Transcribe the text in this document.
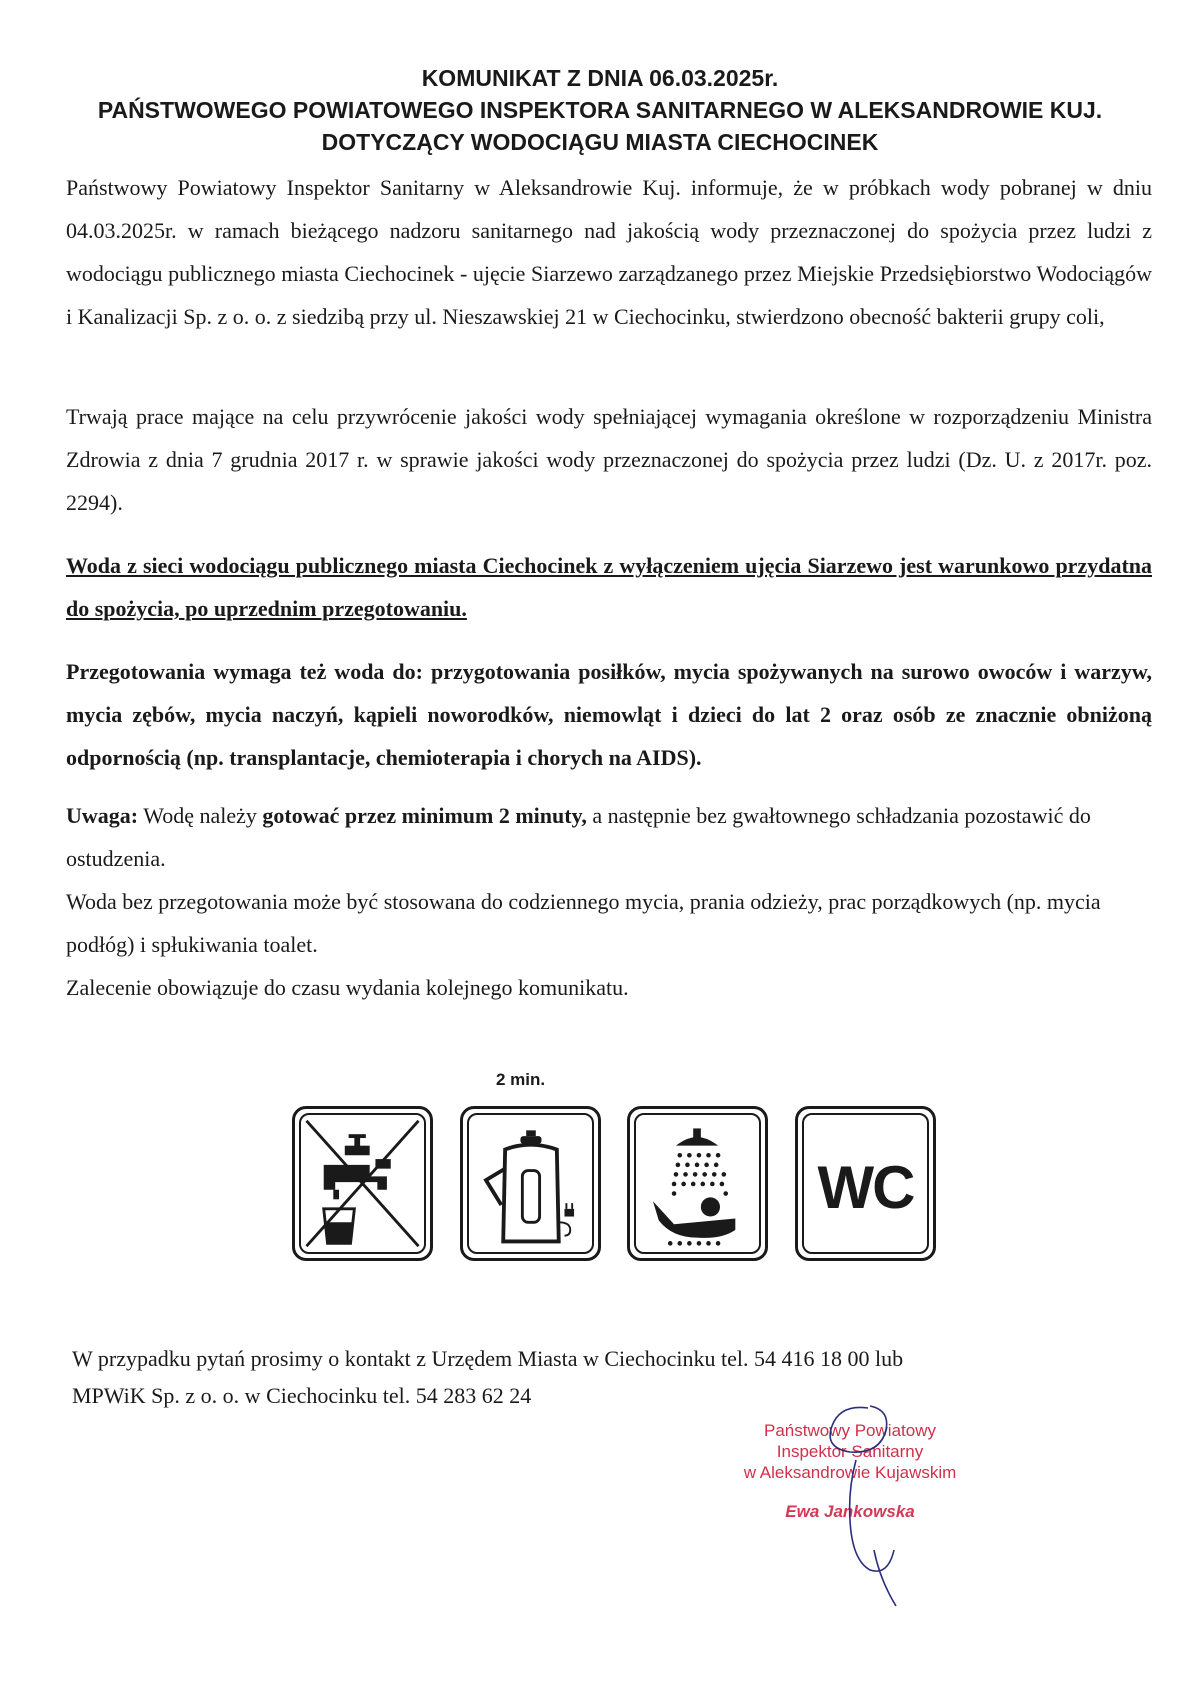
KOMUNIKAT Z DNIA 06.03.2025r.
PAŃSTWOWEGO POWIATOWEGO INSPEKTORA SANITARNEGO W ALEKSANDROWIE KUJ.
DOTYCZĄCY WODOCIĄGU MIASTA CIECHOCINEK
Państwowy Powiatowy Inspektor Sanitarny w Aleksandrowie Kuj. informuje, że w próbkach wody pobranej w dniu 04.03.2025r. w ramach bieżącego nadzoru sanitarnego nad jakością wody przeznaczonej do spożycia przez ludzi z wodociągu publicznego miasta Ciechocinek - ujęcie Siarzewo zarządzanego przez Miejskie Przedsiębiorstwo Wodociągów i Kanalizacji Sp. z o. o. z siedzibą przy ul. Nieszawskiej 21 w Ciechocinku, stwierdzono obecność bakterii grupy coli,
Trwają prace mające na celu przywrócenie jakości wody spełniającej wymagania określone w rozporządzeniu Ministra Zdrowia z dnia 7 grudnia 2017 r. w sprawie jakości wody przeznaczonej do spożycia przez ludzi (Dz. U. z 2017r. poz. 2294).
Woda z sieci wodociągu publicznego miasta Ciechocinek z wyłączeniem ujęcia Siarzewo jest warunkowo przydatna do spożycia, po uprzednim przegotowaniu.
Przegotowania wymaga też woda do: przygotowania posiłków, mycia spożywanych na surowo owoców i warzyw, mycia zębów, mycia naczyń, kąpieli noworodków, niemowląt i dzieci do lat 2 oraz osób ze znacznie obniżoną odpornością (np. transplantacje, chemioterapia i chorych na AIDS).
Uwaga: Wodę należy gotować przez minimum 2 minuty, a następnie bez gwałtownego schładzania pozostawić do ostudzenia.
Woda bez przegotowania może być stosowana do codziennego mycia, prania odzieży, prac porządkowych (np. mycia podłóg) i spłukiwania toalet.
Zalecenie obowiązuje do czasu wydania kolejnego komunikatu.
2 min.
WC
W przypadku pytań prosimy o kontakt z Urzędem Miasta w Ciechocinku tel. 54 416 18 00 lub
MPWiK Sp. z o. o. w Ciechocinku tel. 54 283 62 24
Państwowy Powiatowy
Inspektor Sanitarny
w Aleksandrowie Kujawskim
Ewa Jankowska
